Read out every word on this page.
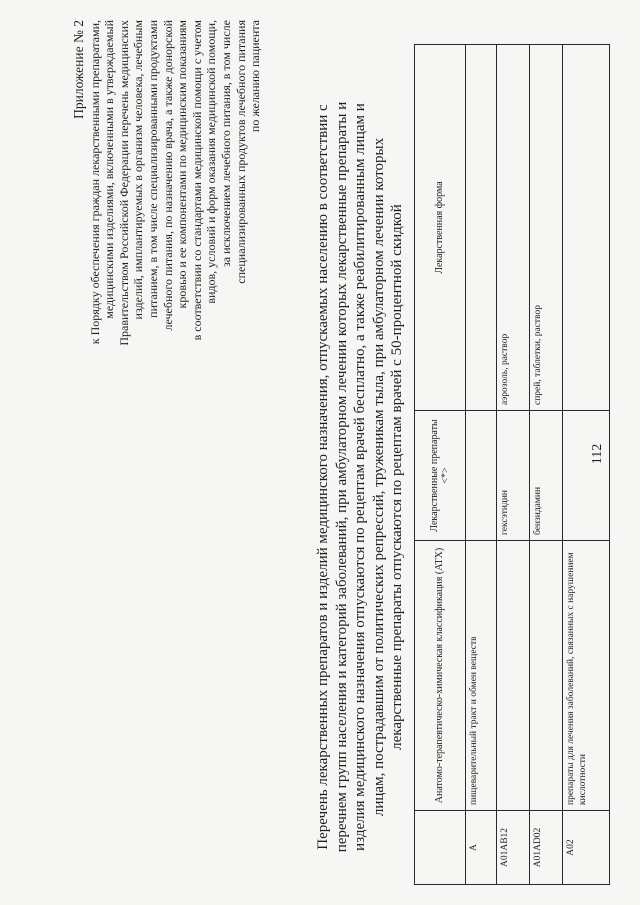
Приложение № 2 к Порядку обеспечения граждан лекарственными препаратами, медицинскими изделиями, включенными в утверждаемый Правительством Российской Федерации перечень медицинских изделий, имплантируемых в организм человека, лечебным питанием, в том числе специализированными продуктами лечебного питания, по назначению врача, а также донорской кровью и ее компонентами по медицинским показаниям в соответствии со стандартами медицинской помощи с учетом видов, условий и форм оказания медицинской помощи, за исключением лечебного питания, в том числе специализированных продуктов лечебного питания по желанию пациента
Перечень лекарственных препаратов и изделий медицинского назначения, отпускаемых населению в соответствии с перечнем групп населения и категорий заболеваний, при амбулаторном лечении которых лекарственные препараты и изделия медицинского назначения отпускаются по рецептам врачей бесплатно, а также реабилитированным лицам и лицам, пострадавшим от политических репрессий, труженикам тыла, при амбулаторном лечении которых лекарственные препараты отпускаются по рецептам врачей с 50-процентной скидкой
		Анатомо-терапевтическо-химическая классификация (АТХ)	Лекарственные препараты <*>	Лекарственная форма
А	пищеварительный тракт и обмен веществ		
А01АВ12		гексэтидин	аэрозоль, раствор
А01АD02		бензидамин	спрей, таблетки, раствор
А02	препараты для лечения заболеваний, связанных с нарушением кислотности		
112
